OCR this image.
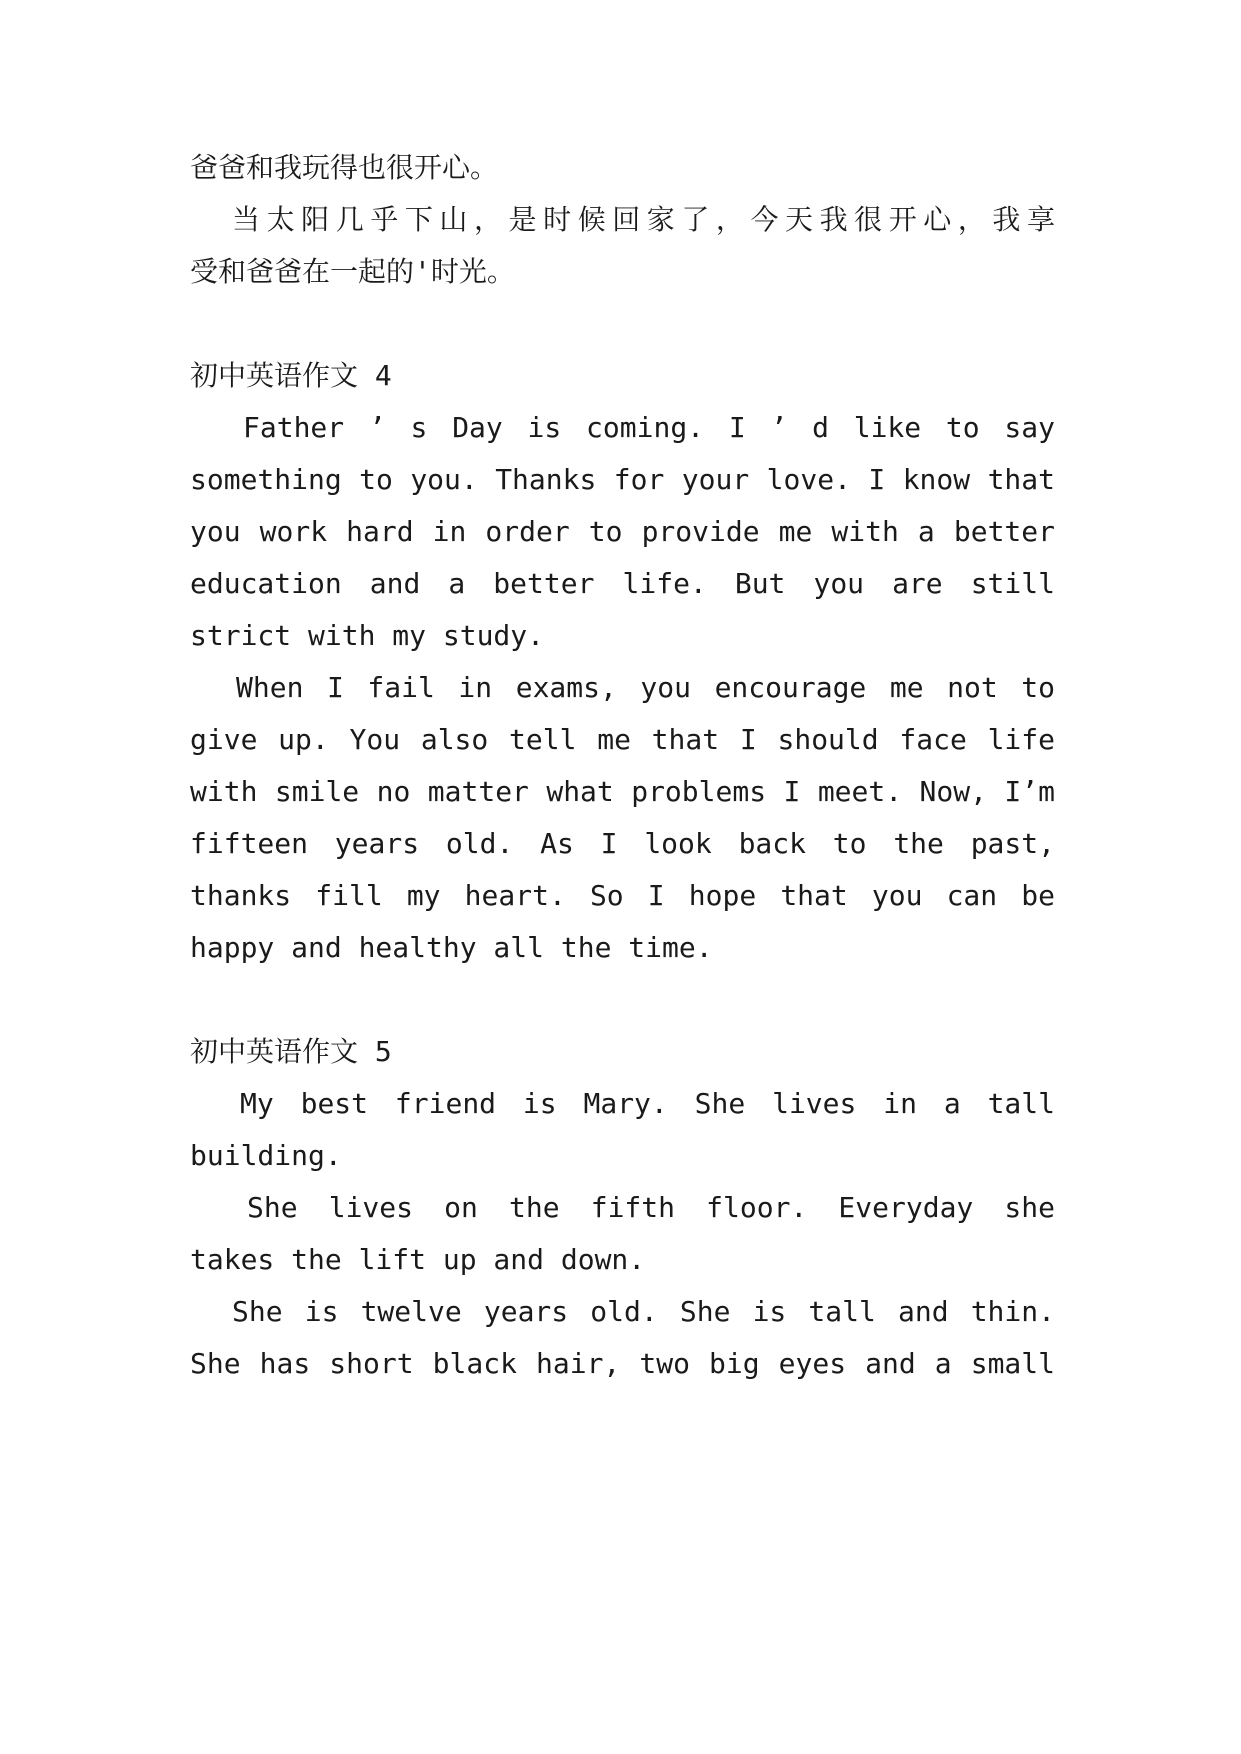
爸爸和我玩得也很开心。
当太阳几乎下山，是时候回家了，今天我很开心，我享
受和爸爸在一起的'时光。
初中英语作文 4
Father ’ s Day is coming. I ’ d like to say
something to you. Thanks for your love. I know that
you work hard in order to provide me with a better
education and a better life. But you are still
strict with my study.
When I fail in exams, you encourage me not to
give up. You also tell me that I should face life
with smile no matter what problems I meet. Now, I’m
fifteen years old. As I look back to the past,
thanks fill my heart. So I hope that you can be
happy and healthy all the time.
初中英语作文 5
My best friend is Mary. She lives in a tall
building.
She lives on the fifth floor. Everyday she
takes the lift up and down.
She is twelve years old. She is tall and thin.
She has short black hair, two big eyes and a small
